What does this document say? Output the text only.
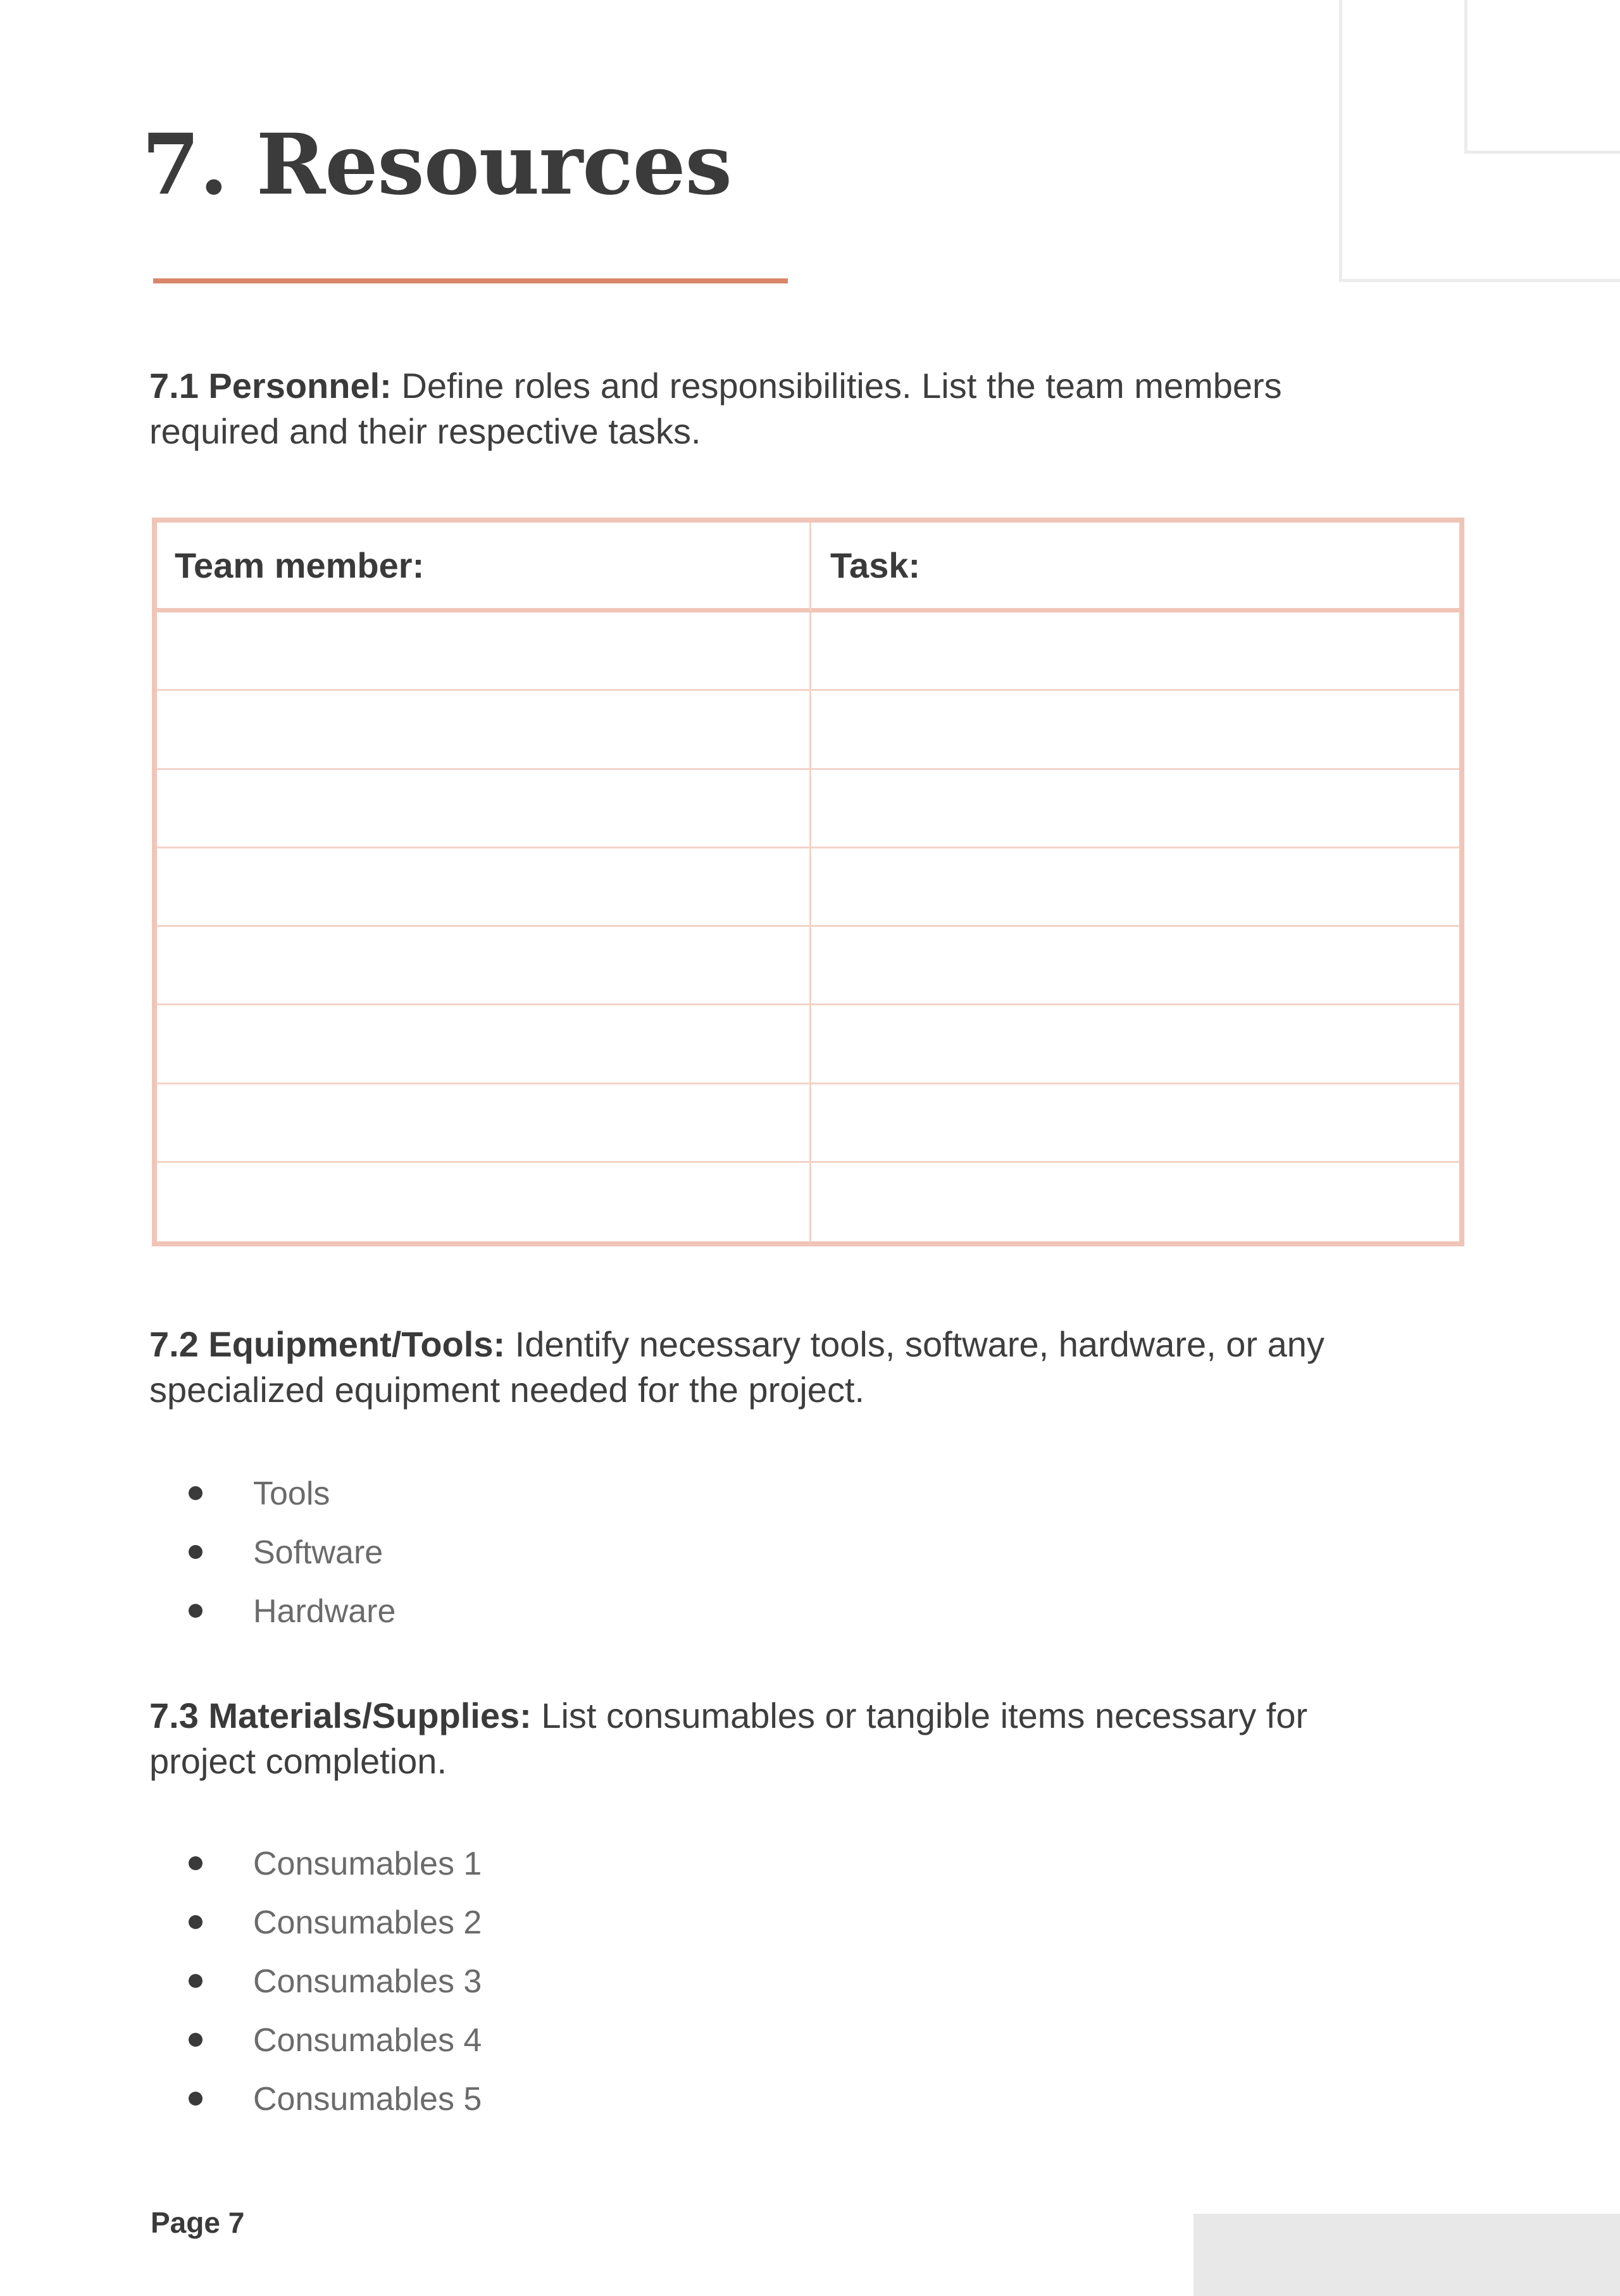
7. Resources

7.1 Personnel: Define roles and responsibilities. List the team members required and their respective tasks.

Team member:	Task:

7.2 Equipment/Tools: Identify necessary tools, software, hardware, or any specialized equipment needed for the project.

Tools
Software
Hardware

7.3 Materials/Supplies: List consumables or tangible items necessary for project completion.

Consumables 1
Consumables 2
Consumables 3
Consumables 4
Consumables 5
Page 7
